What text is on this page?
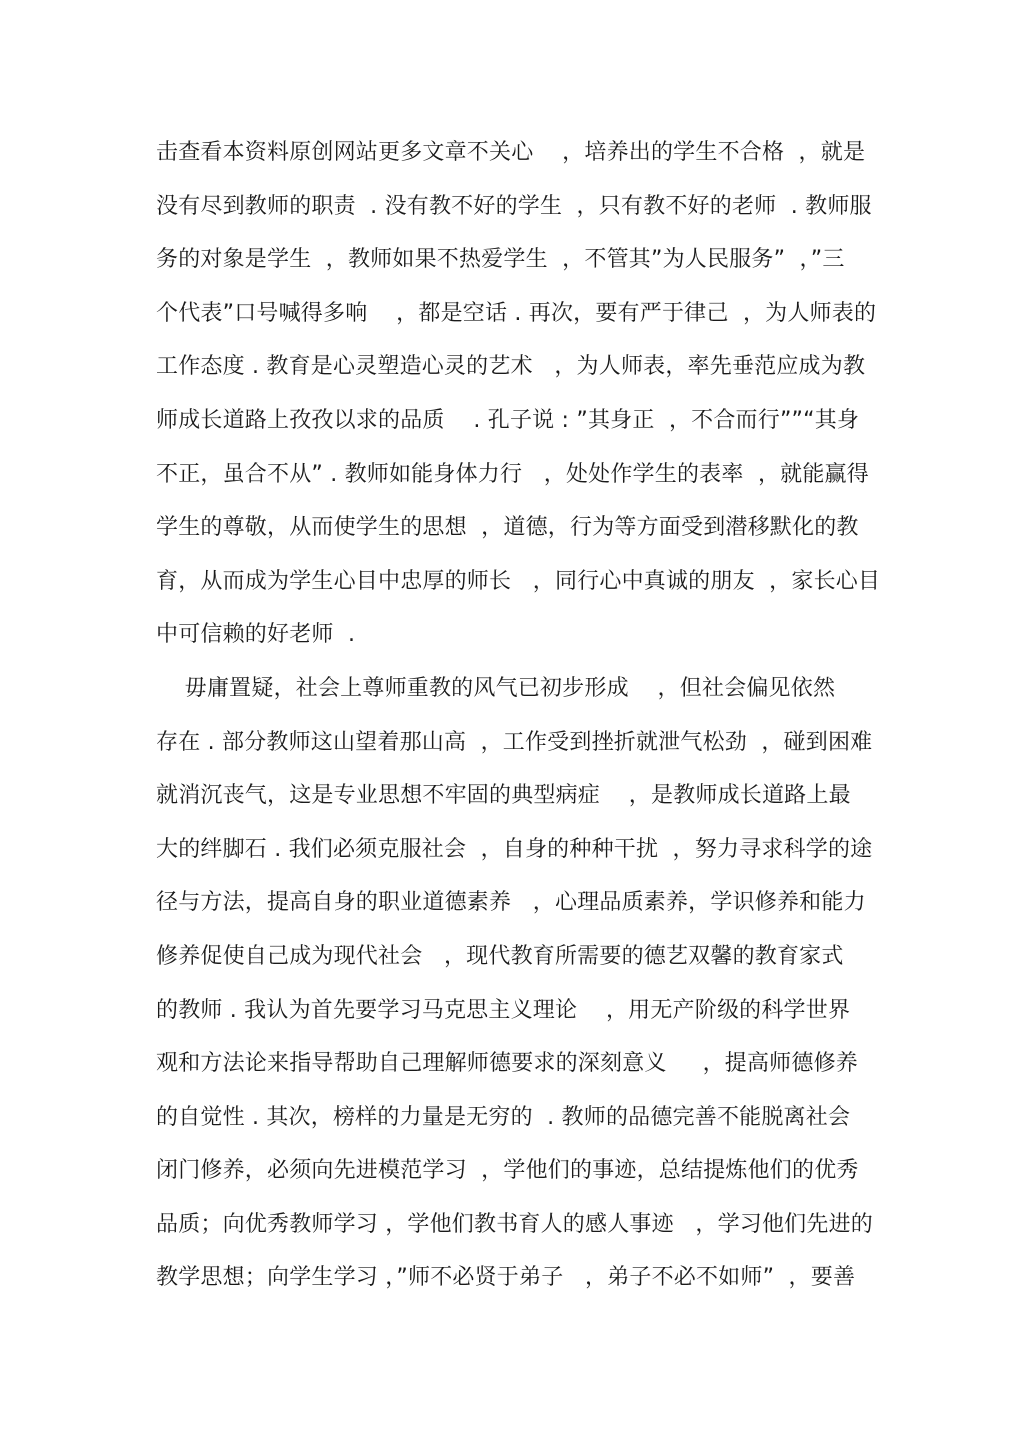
击查看本资料原创网站更多文章不关心    ，培养出的学生不合格  ，就是
没有尽到教师的职责  . 没有教不好的学生  ，只有教不好的老师  . 教师服
务的对象是学生  ，教师如果不热爱学生  ，不管其”为人民服务”  ，”三
个代表”口号喊得多响    ，都是空话 . 再次，要有严于律己  ，为人师表的
工作态度 . 教育是心灵塑造心灵的艺术   ，为人师表，率先垂范应成为教
师成长道路上孜孜以求的品质    . 孔子说 : ”其身正  ，不合而行””“其身
不正，虽合不从” . 教师如能身体力行   ，处处作学生的表率  ，就能赢得
学生的尊敬，从而使学生的思想  ，道德，行为等方面受到潜移默化的教
育，从而成为学生心目中忠厚的师长   ，同行心中真诚的朋友  ，家长心目
中可信赖的好老师  .
毋庸置疑，社会上尊师重教的风气已初步形成    ，但社会偏见依然
存在 . 部分教师这山望着那山高  ，工作受到挫折就泄气松劲  ，碰到困难
就消沉丧气，这是专业思想不牢固的典型病症    ，是教师成长道路上最
大的绊脚石 . 我们必须克服社会  ，自身的种种干扰  ，努力寻求科学的途
径与方法，提高自身的职业道德素养   ，心理品质素养，学识修养和能力
修养促使自己成为现代社会   ，现代教育所需要的德艺双馨的教育家式
的教师 . 我认为首先要学习马克思主义理论    ，用无产阶级的科学世界
观和方法论来指导帮助自己理解师德要求的深刻意义     ，提高师德修养
的自觉性 . 其次，榜样的力量是无穷的  . 教师的品德完善不能脱离社会
闭门修养，必须向先进模范学习  ，学他们的事迹，总结提炼他们的优秀
品质；向优秀教师学习 ，学他们教书育人的感人事迹   ，学习他们先进的
教学思想；向学生学习 ，”师不必贤于弟子   ，弟子不必不如师”  ，要善
